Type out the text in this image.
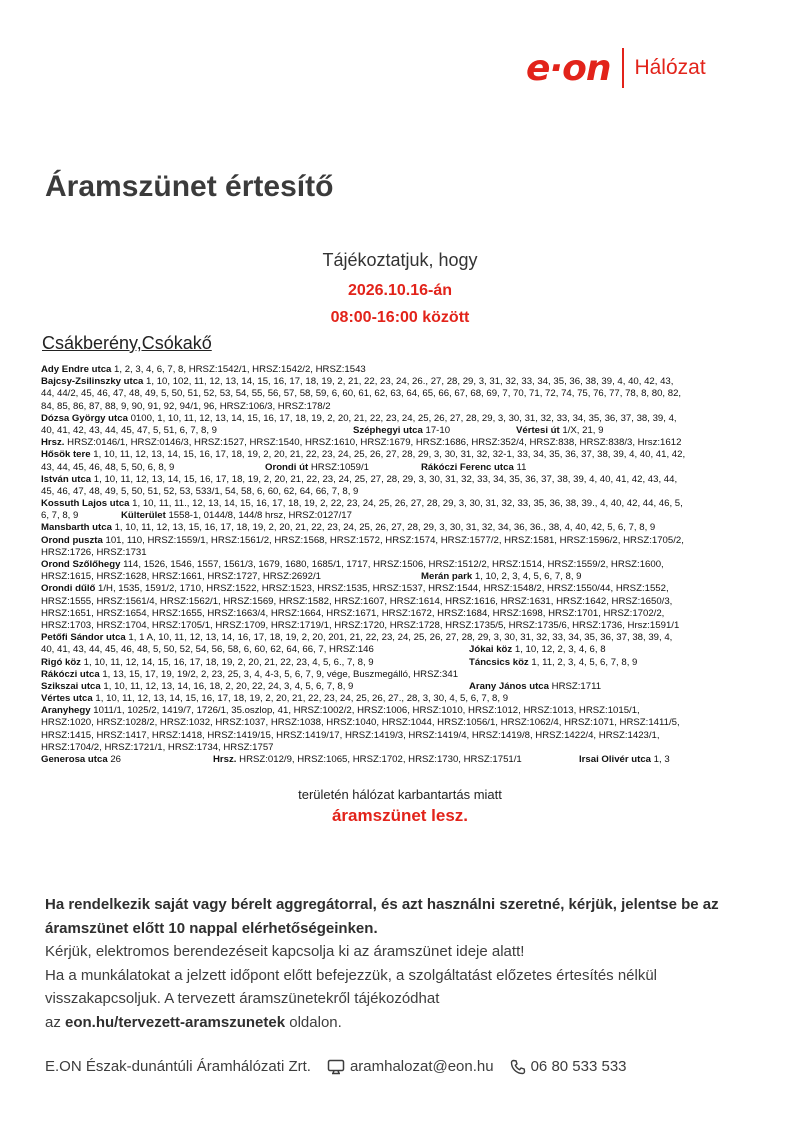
e·on Hálózat
Áramszünet értesítő
Tájékoztatjuk, hogy
2026.10.16-án
08:00-16:00 között
Csákberény,Csókakő
Ady Endre utca 1, 2, 3, 4, 6, 7, 8, HRSZ:1542/1, HRSZ:1542/2, HRSZ:1543
Bajcsy-Zsilinszky utca 1, 10, 102, 11, 12, 13, 14, 15, 16, 17, 18, 19, 2, 21, 22, 23, 24, 26., 27, 28, 29, 3, 31, 32, 33, 34, 35, 36, 38, 39, 4, 40, 42, 43,
44, 44/2, 45, 46, 47, 48, 49, 5, 50, 51, 52, 53, 54, 55, 56, 57, 58, 59, 6, 60, 61, 62, 63, 64, 65, 66, 67, 68, 69, 7, 70, 71, 72, 74, 75, 76, 77, 78, 8, 80, 82,
84, 85, 86, 87, 88, 9, 90, 91, 92, 94/1, 96, HRSZ:106/3, HRSZ:178/2
Dózsa György utca 0100, 1, 10, 11, 12, 13, 14, 15, 16, 17, 18, 19, 2, 20, 21, 22, 23, 24, 25, 26, 27, 28, 29, 3, 30, 31, 32, 33, 34, 35, 36, 37, 38, 39, 4,
40, 41, 42, 43, 44, 45, 47, 5, 51, 6, 7, 8, 9	Széphegyi utca 17-10	Vértesi út 1/X, 21, 9
Hrsz. HRSZ:0146/1, HRSZ:0146/3, HRSZ:1527, HRSZ:1540, HRSZ:1610, HRSZ:1679, HRSZ:1686, HRSZ:352/4, HRSZ:838, HRSZ:838/3, Hrsz:1612
Hősök tere 1, 10, 11, 12, 13, 14, 15, 16, 17, 18, 19, 2, 20, 21, 22, 23, 24, 25, 26, 27, 28, 29, 3, 30, 31, 32, 32-1, 33, 34, 35, 36, 37, 38, 39, 4, 40, 41, 42,
43, 44, 45, 46, 48, 5, 50, 6, 8, 9	Orondi út HRSZ:1059/1	Rákóczi Ferenc utca 11
István utca 1, 10, 11, 12, 13, 14, 15, 16, 17, 18, 19, 2, 20, 21, 22, 23, 24, 25, 27, 28, 29, 3, 30, 31, 32, 33, 34, 35, 36, 37, 38, 39, 4, 40, 41, 42, 43, 44,
45, 46, 47, 48, 49, 5, 50, 51, 52, 53, 533/1, 54, 58, 6, 60, 62, 64, 66, 7, 8, 9
Kossuth Lajos utca 1, 10, 11, 11., 12, 13, 14, 15, 16, 17, 18, 19, 2, 22, 23, 24, 25, 26, 27, 28, 29, 3, 30, 31, 32, 33, 35, 36, 38, 39., 4, 40, 42, 44, 46, 5,
6, 7, 8, 9	Külterület 1558-1, 0144/8, 144/8 hrsz, HRSZ:0127/17
Mansbarth utca 1, 10, 11, 12, 13, 15, 16, 17, 18, 19, 2, 20, 21, 22, 23, 24, 25, 26, 27, 28, 29, 3, 30, 31, 32, 34, 36, 36., 38, 4, 40, 42, 5, 6, 7, 8, 9
Orond puszta 101, 110, HRSZ:1559/1, HRSZ:1561/2, HRSZ:1568, HRSZ:1572, HRSZ:1574, HRSZ:1577/2, HRSZ:1581, HRSZ:1596/2, HRSZ:1705/2,
HRSZ:1726, HRSZ:1731
Orond Szőlőhegy 114, 1526, 1546, 1557, 1561/3, 1679, 1680, 1685/1, 1717, HRSZ:1506, HRSZ:1512/2, HRSZ:1514, HRSZ:1559/2, HRSZ:1600,
HRSZ:1615, HRSZ:1628, HRSZ:1661, HRSZ:1727, HRSZ:2692/1	Merán park 1, 10, 2, 3, 4, 5, 6, 7, 8, 9
Orondi dűlő 1/H, 1535, 1591/2, 1710, HRSZ:1522, HRSZ:1523, HRSZ:1535, HRSZ:1537, HRSZ:1544, HRSZ:1548/2, HRSZ:1550/44, HRSZ:1552,
HRSZ:1555, HRSZ:1561/4, HRSZ:1562/1, HRSZ:1569, HRSZ:1582, HRSZ:1607, HRSZ:1614, HRSZ:1616, HRSZ:1631, HRSZ:1642, HRSZ:1650/3,
HRSZ:1651, HRSZ:1654, HRSZ:1655, HRSZ:1663/4, HRSZ:1664, HRSZ:1671, HRSZ:1672, HRSZ:1684, HRSZ:1698, HRSZ:1701, HRSZ:1702/2,
HRSZ:1703, HRSZ:1704, HRSZ:1705/1, HRSZ:1709, HRSZ:1719/1, HRSZ:1720, HRSZ:1728, HRSZ:1735/5, HRSZ:1735/6, HRSZ:1736, Hrsz:1591/1
Petőfi Sándor utca 1, 1 A, 10, 11, 12, 13, 14, 16, 17, 18, 19, 2, 20, 201, 21, 22, 23, 24, 25, 26, 27, 28, 29, 3, 30, 31, 32, 33, 34, 35, 36, 37, 38, 39, 4,
40, 41, 43, 44, 45, 46, 48, 5, 50, 52, 54, 56, 58, 6, 60, 62, 64, 66, 7, HRSZ:146	Jókai köz 1, 10, 12, 2, 3, 4, 6, 8
Rigó köz 1, 10, 11, 12, 14, 15, 16, 17, 18, 19, 2, 20, 21, 22, 23, 4, 5, 6., 7, 8, 9	Táncsics köz 1, 11, 2, 3, 4, 5, 6, 7, 8, 9
Rákóczi utca 1, 13, 15, 17, 19, 19/2, 2, 23, 25, 3, 4, 4-3, 5, 6, 7, 9, vége, Buszmegálló, HRSZ:341
Szikszai utca 1, 10, 11, 12, 13, 14, 16, 18, 2, 20, 22, 24, 3, 4, 5, 6, 7, 8, 9	Arany János utca HRSZ:1711
Vértes utca 1, 10, 11, 12, 13, 14, 15, 16, 17, 18, 19, 2, 20, 21, 22, 23, 24, 25, 26, 27., 28, 3, 30, 4, 5, 6, 7, 8, 9
Aranyhegy 1011/1, 1025/2, 1419/7, 1726/1, 35.oszlop, 41, HRSZ:1002/2, HRSZ:1006, HRSZ:1010, HRSZ:1012, HRSZ:1013, HRSZ:1015/1,
HRSZ:1020, HRSZ:1028/2, HRSZ:1032, HRSZ:1037, HRSZ:1038, HRSZ:1040, HRSZ:1044, HRSZ:1056/1, HRSZ:1062/4, HRSZ:1071, HRSZ:1411/5,
HRSZ:1415, HRSZ:1417, HRSZ:1418, HRSZ:1419/15, HRSZ:1419/17, HRSZ:1419/3, HRSZ:1419/4, HRSZ:1419/8, HRSZ:1422/4, HRSZ:1423/1,
HRSZ:1704/2, HRSZ:1721/1, HRSZ:1734, HRSZ:1757
Generosa utca 26	Hrsz. HRSZ:012/9, HRSZ:1065, HRSZ:1702, HRSZ:1730, HRSZ:1751/1	Irsai Olivér utca 1, 3
területén hálózat karbantartás miatt
áramszünet lesz.
Ha rendelkezik saját vagy bérelt aggregátorral, és azt használni szeretné, kérjük, jelentse be az áramszünet előtt 10 nappal elérhetőségeinken.
Kérjük, elektromos berendezéseit kapcsolja ki az áramszünet ideje alatt!
Ha a munkálatokat a jelzett időpont előtt befejezzük, a szolgáltatást előzetes értesítés nélkül visszakapcsoljuk. A tervezett áramszünetekről tájékozódhat
az eon.hu/tervezett-aramszunetek oldalon.
E.ON Észak-dunántúli Áramhálózati Zrt.	aramhalozat@eon.hu 06 80 533 533
